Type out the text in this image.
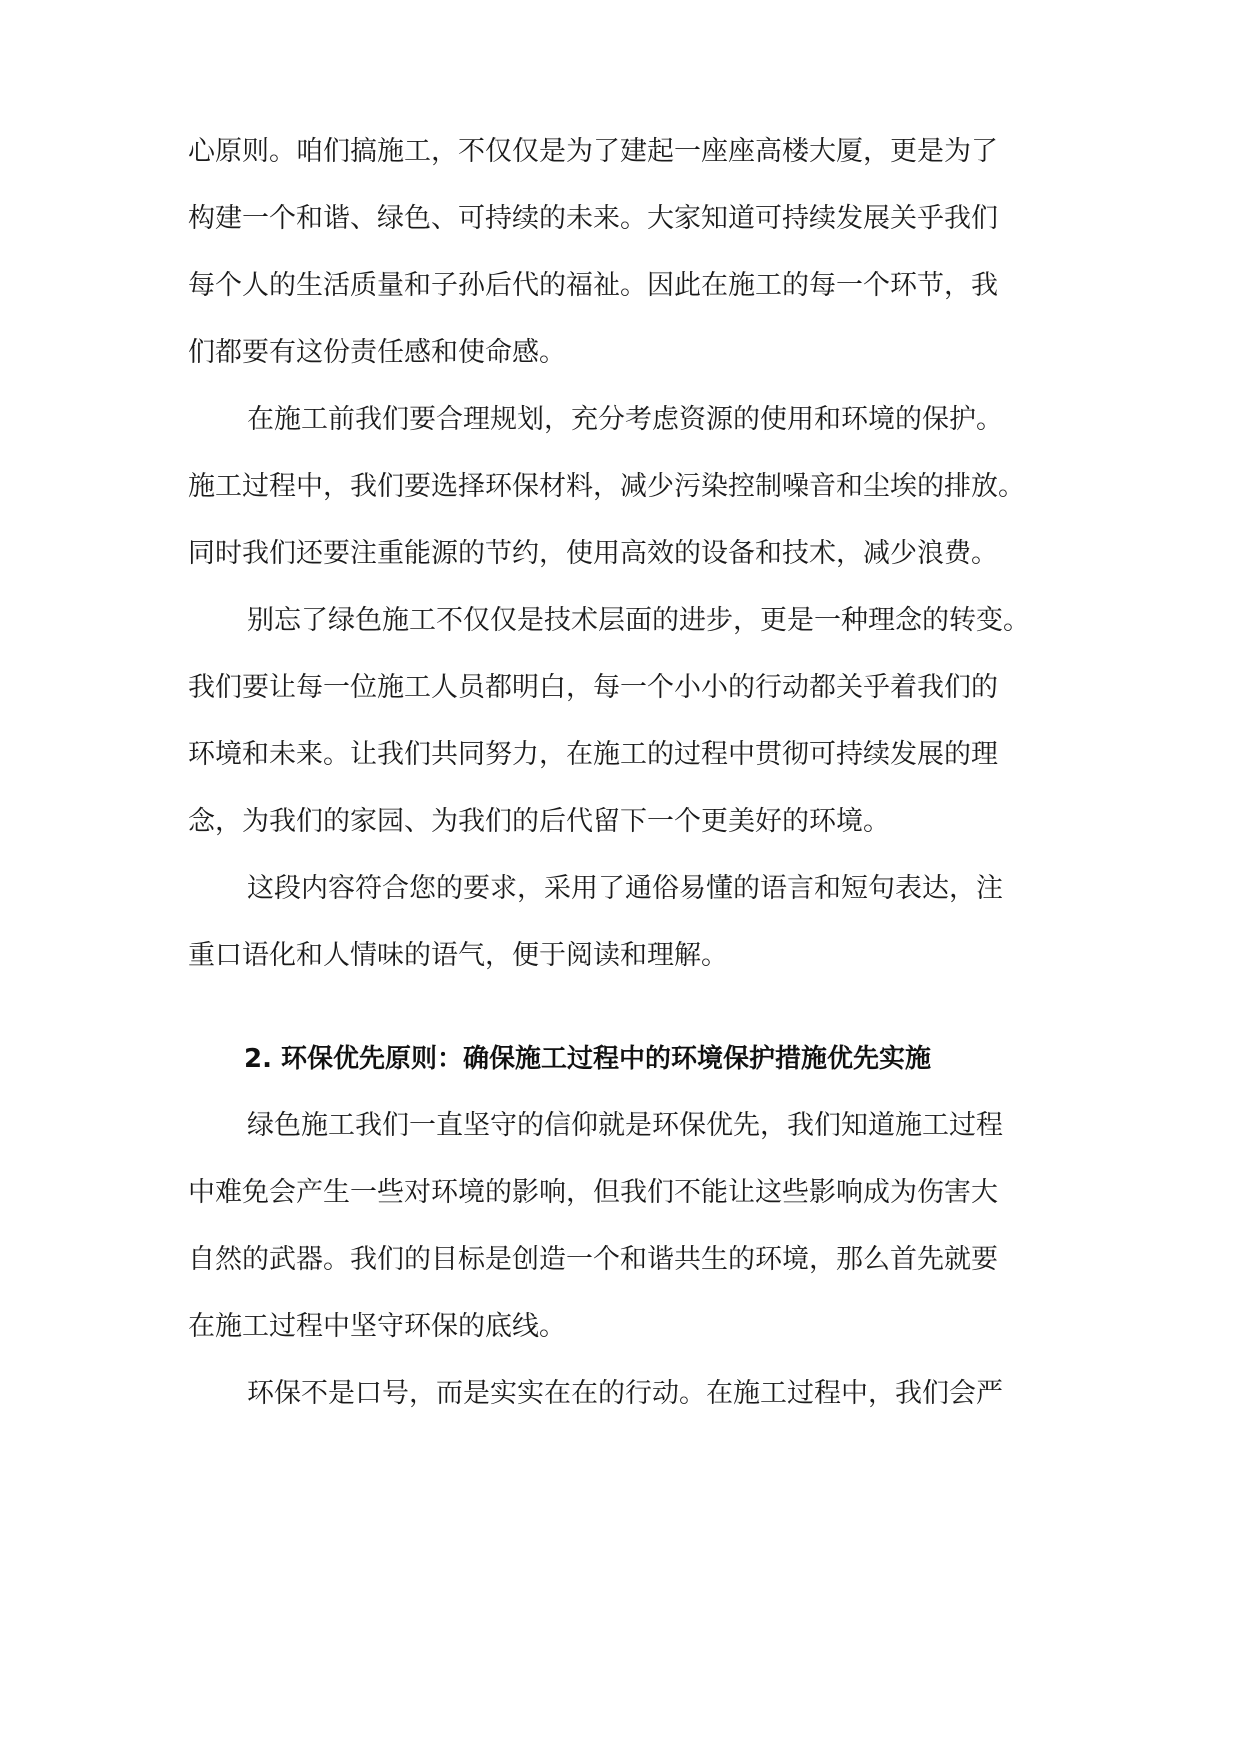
心原则。咱们搞施工，不仅仅是为了建起一座座高楼大厦，更是为了
构建一个和谐、绿色、可持续的未来。大家知道可持续发展关乎我们
每个人的生活质量和子孙后代的福祉。因此在施工的每一个环节，我
们都要有这份责任感和使命感。
在施工前我们要合理规划，充分考虑资源的使用和环境的保护。
施工过程中，我们要选择环保材料，减少污染控制噪音和尘埃的排放。
同时我们还要注重能源的节约，使用高效的设备和技术，减少浪费。
别忘了绿色施工不仅仅是技术层面的进步，更是一种理念的转变。
我们要让每一位施工人员都明白，每一个小小的行动都关乎着我们的
环境和未来。让我们共同努力，在施工的过程中贯彻可持续发展的理
念，为我们的家园、为我们的后代留下一个更美好的环境。
这段内容符合您的要求，采用了通俗易懂的语言和短句表达，注
重口语化和人情味的语气，便于阅读和理解。
2. 环保优先原则：确保施工过程中的环境保护措施优先实施
绿色施工我们一直坚守的信仰就是环保优先，我们知道施工过程
中难免会产生一些对环境的影响，但我们不能让这些影响成为伤害大
自然的武器。我们的目标是创造一个和谐共生的环境，那么首先就要
在施工过程中坚守环保的底线。
环保不是口号，而是实实在在的行动。在施工过程中，我们会严
